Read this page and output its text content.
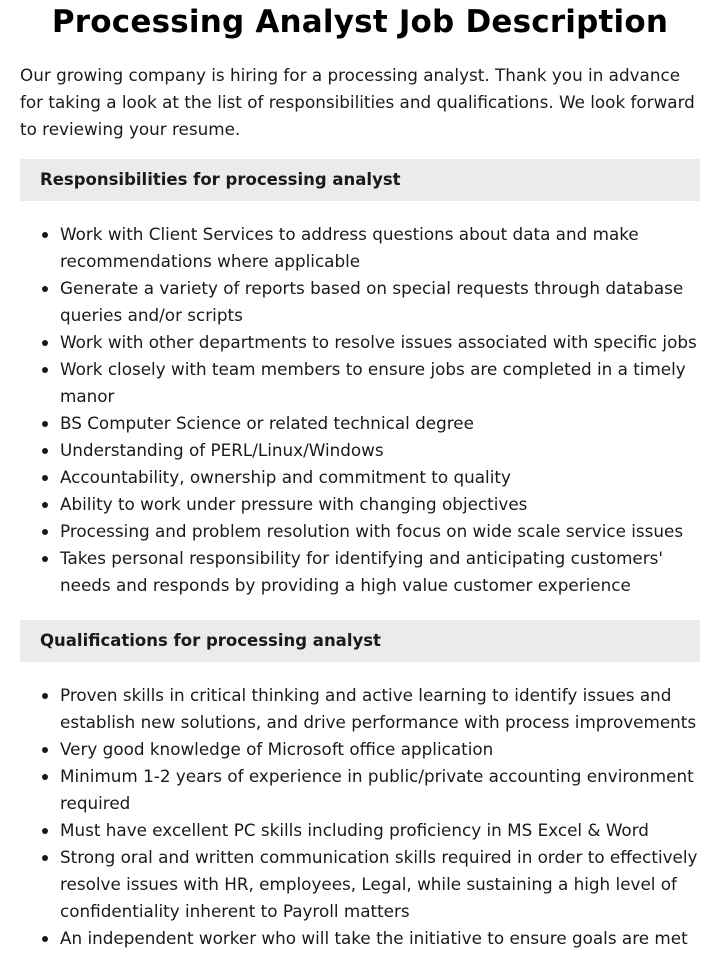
Processing Analyst Job Description

Our growing company is hiring for a processing analyst. Thank you in advance for taking a look at the list of responsibilities and qualifications. We look forward to reviewing your resume.

Responsibilities for processing analyst
Work with Client Services to address questions about data and make recommendations where applicable
Generate a variety of reports based on special requests through database queries and/or scripts
Work with other departments to resolve issues associated with specific jobs
Work closely with team members to ensure jobs are completed in a timely manor
BS Computer Science or related technical degree
Understanding of PERL/Linux/Windows
Accountability, ownership and commitment to quality
Ability to work under pressure with changing objectives
Processing and problem resolution with focus on wide scale service issues
Takes personal responsibility for identifying and anticipating customers' needs and responds by providing a high value customer experience
Qualifications for processing analyst
Proven skills in critical thinking and active learning to identify issues and establish new solutions, and drive performance with process improvements
Very good knowledge of Microsoft office application
Minimum 1-2 years of experience in public/private accounting environment required
Must have excellent PC skills including proficiency in MS Excel & Word
Strong oral and written communication skills required in order to effectively resolve issues with HR, employees, Legal, while sustaining a high level of confidentiality inherent to Payroll matters
An independent worker who will take the initiative to ensure goals are met
